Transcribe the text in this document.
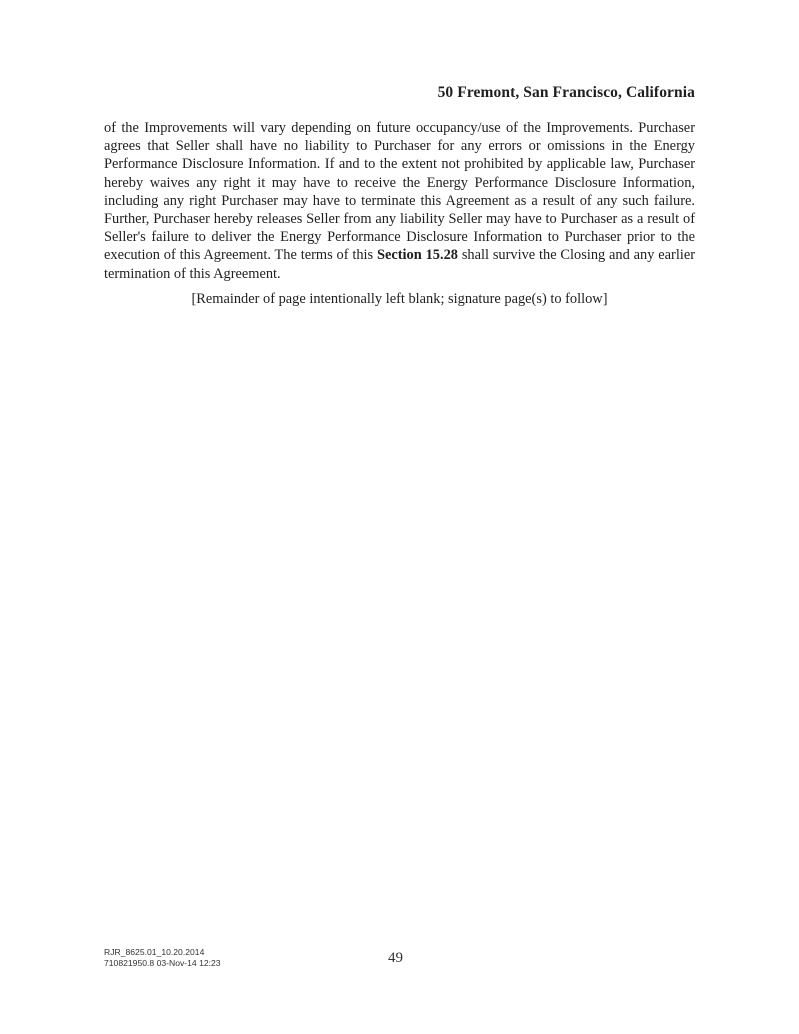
50 Fremont, San Francisco, California

of the Improvements will vary depending on future occupancy/use of the Improvements. Purchaser agrees that Seller shall have no liability to Purchaser for any errors or omissions in the Energy Performance Disclosure Information. If and to the extent not prohibited by applicable law, Purchaser hereby waives any right it may have to receive the Energy Performance Disclosure Information, including any right Purchaser may have to terminate this Agreement as a result of any such failure. Further, Purchaser hereby releases Seller from any liability Seller may have to Purchaser as a result of Seller's failure to deliver the Energy Performance Disclosure Information to Purchaser prior to the execution of this Agreement. The terms of this Section 15.28 shall survive the Closing and any earlier termination of this Agreement.

[Remainder of page intentionally left blank; signature page(s) to follow]
RJR_8625.01_10.20.2014
710821950.8 03-Nov-14 12:23	49
